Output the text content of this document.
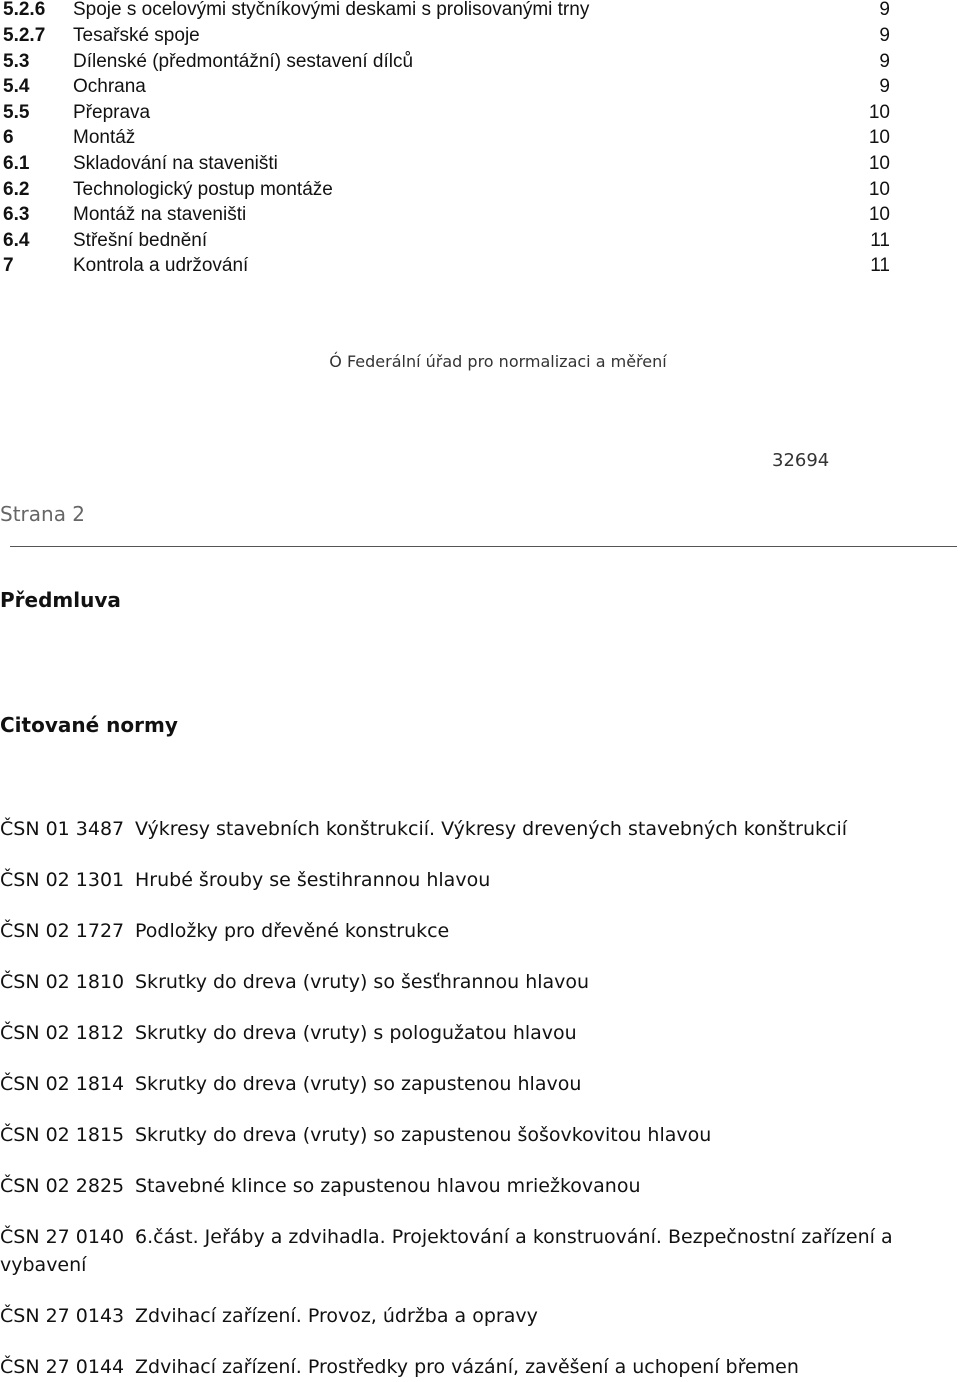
5.2.6 Spoje s ocelovými styčníkovými deskami s prolisovanými trny	9
5.2.7 Tesařské spoje	9
5.3 Dílenské (předmontážní) sestavení dílců	9
5.4 Ochrana	9
5.5 Přeprava	10
6	Montáž	10
6.1 Skladování na staveništi	10
6.2 Technologický postup montáže	10
6.3 Montáž na staveništi	10
6.4 Střešní bednění	11
7	Kontrola a udržování	11
Ó Federální úřad pro normalizaci a měření
32694
Strana 2
Předmluva
Citované normy
ČSN 01 3487 Výkresy stavebních konštrukcií. Výkresy drevených stavebných konštrukcií
ČSN 02 1301 Hrubé šrouby se šestihrannou hlavou
ČSN 02 1727 Podložky pro dřevěné konstrukce
ČSN 02 1810 Skrutky do dreva (vruty) so šesťhrannou hlavou
ČSN 02 1812 Skrutky do dreva (vruty) s pologužatou hlavou
ČSN 02 1814 Skrutky do dreva (vruty) so zapustenou hlavou
ČSN 02 1815 Skrutky do dreva (vruty) so zapustenou šošovkovitou hlavou
ČSN 02 2825 Stavebné klince so zapustenou hlavou mriežkovanou
ČSN 27 0140 6.část. Jeřáby a zdvihadla. Projektování a konstruování. Bezpečnostní zařízení a vybavení
ČSN 27 0143 Zdvihací zařízení. Provoz, údržba a opravy
ČSN 27 0144 Zdvihací zařízení. Prostředky pro vázání, zavěšení a uchopení břemen
